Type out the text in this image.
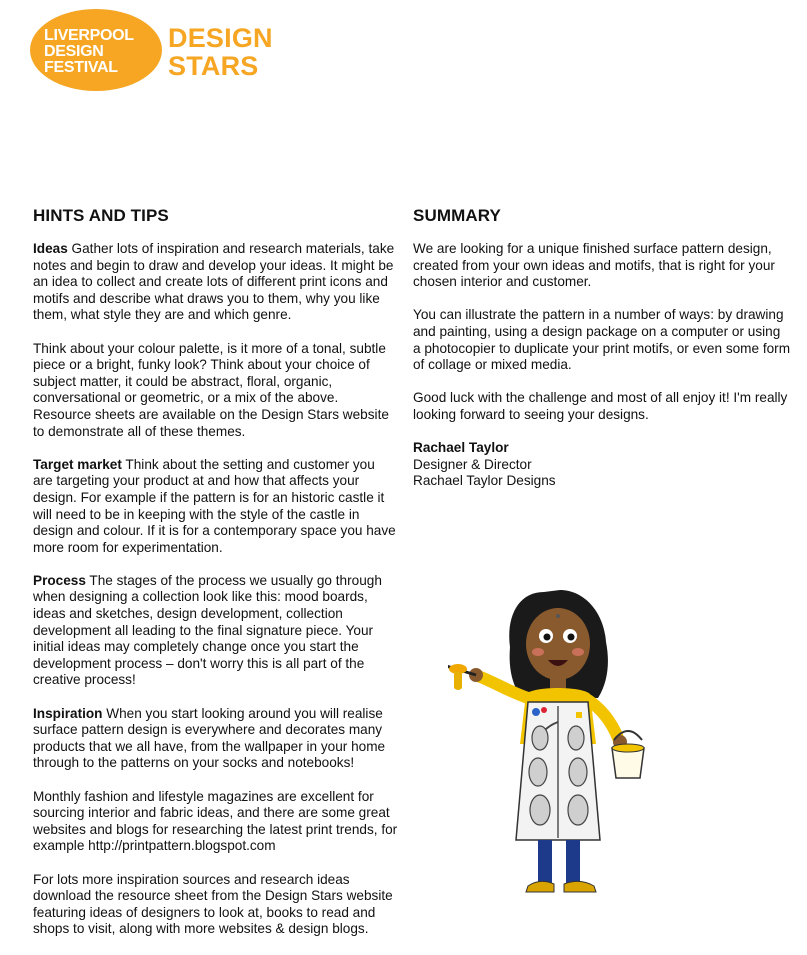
LIVERPOOL
DESIGN
FESTIVAL
DESIGN
STARS
HINTS AND TIPS

Ideas Gather lots of inspiration and research materials, take notes and begin to draw and develop your ideas. It might be an idea to collect and create lots of different print icons and motifs and describe what draws you to them, why you like them, what style they are and which genre.

Think about your colour palette, is it more of a tonal, subtle piece or a bright, funky look? Think about your choice of subject matter, it could be abstract, floral, organic, conversational or geometric, or a mix of the above. Resource sheets are available on the Design Stars website to demonstrate all of these themes.

Target market Think about the setting and customer you are targeting your product at and how that affects your design. For example if the pattern is for an historic castle it will need to be in keeping with the style of the castle in design and colour. If it is for a contemporary space you have more room for experimentation.

Process The stages of the process we usually go through when designing a collection look like this: mood boards, ideas and sketches, design development, collection development all leading to the final signature piece. Your initial ideas may completely change once you start the development process – don't worry this is all part of the creative process!

Inspiration When you start looking around you will realise surface pattern design is everywhere and decorates many products that we all have, from the wallpaper in your home through to the patterns on your socks and notebooks!

Monthly fashion and lifestyle magazines are excellent for sourcing interior and fabric ideas, and there are some great websites and blogs for researching the latest print trends, for example http://printpattern.blogspot.com

For lots more inspiration sources and research ideas download the resource sheet from the Design Stars website featuring ideas of designers to look at, books to read and shops to visit, along with more websites & design blogs.

SUMMARY

We are looking for a unique finished surface pattern design, created from your own ideas and motifs, that is right for your chosen interior and customer.

You can illustrate the pattern in a number of ways: by drawing and painting, using a design package on a computer or using a photocopier to duplicate your print motifs, or even some form of collage or mixed media.

Good luck with the challenge and most of all enjoy it! I'm really looking forward to seeing your designs.

Rachael Taylor
Designer & Director
Rachael Taylor Designs
